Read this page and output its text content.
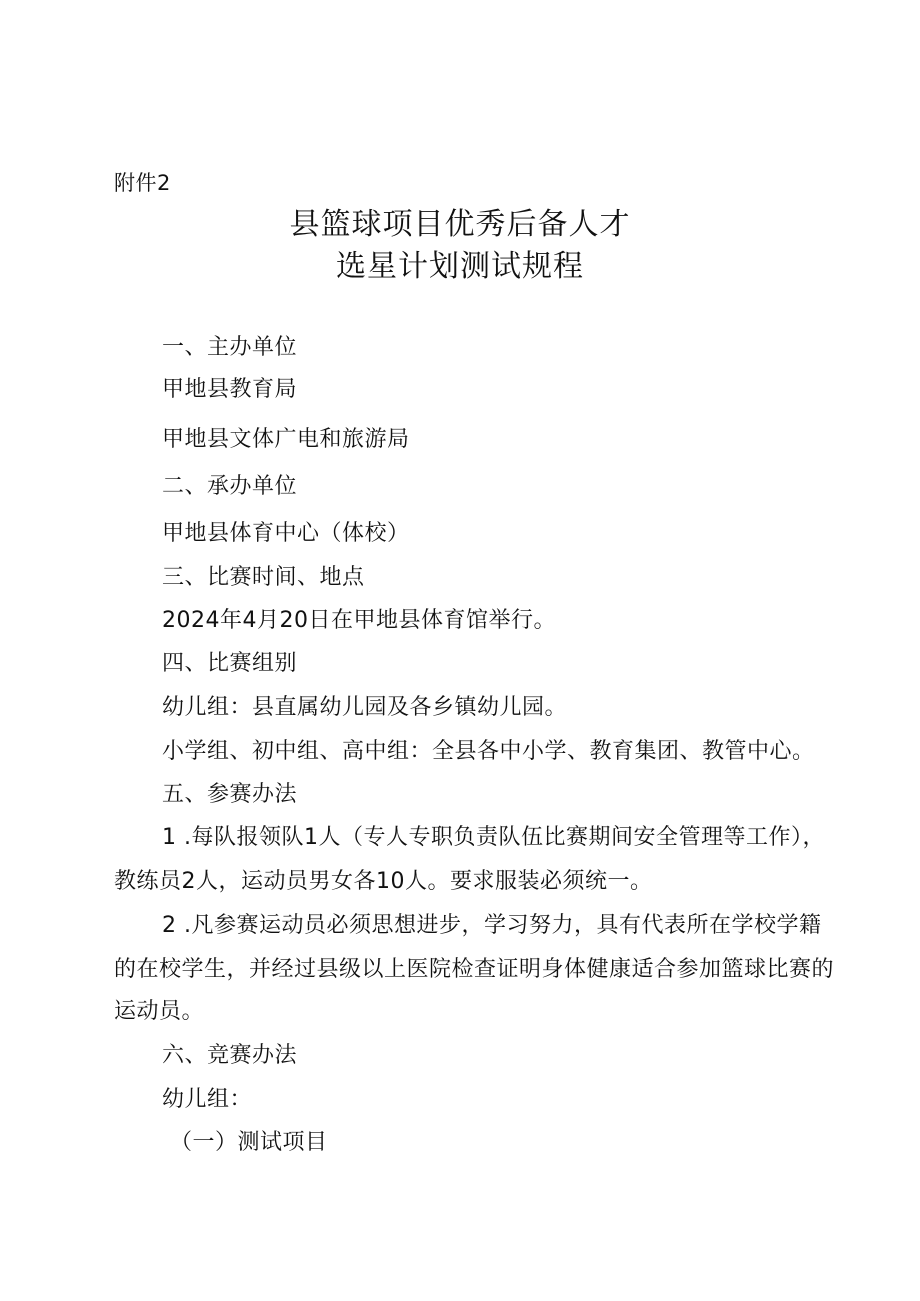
附件2
县篮球项目优秀后备人才
选星计划测试规程
一、主办单位
甲地县教育局
甲地县文体广电和旅游局
二、承办单位
甲地县体育中心（体校）
三、比赛时间、地点
2024年4月20日在甲地县体育馆举行。
四、比赛组别
幼儿组：县直属幼儿园及各乡镇幼儿园。
小学组、初中组、高中组：全县各中小学、教育集团、教管中心。
五、参赛办法
1 .每队报领队1人（专人专职负责队伍比赛期间安全管理等工作），
教练员2人，运动员男女各10人。要求服装必须统一。
2 .凡参赛运动员必须思想进步，学习努力，具有代表所在学校学籍
的在校学生，并经过县级以上医院检查证明身体健康适合参加篮球比赛的
运动员。
六、竞赛办法
幼儿组：
（一）测试项目
